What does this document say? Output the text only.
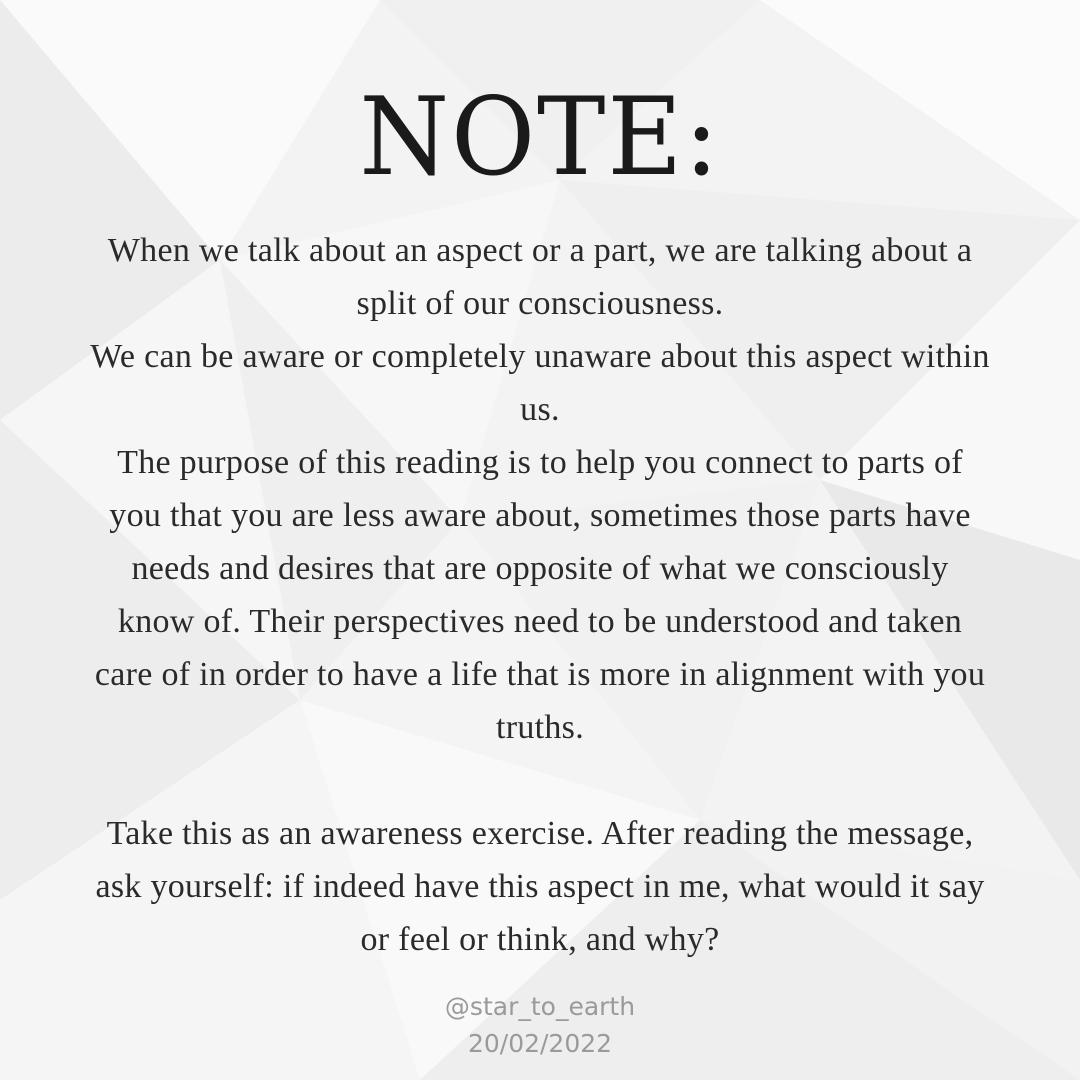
NOTE:

When we talk about an aspect or a part, we are talking about a split of our consciousness.

We can be aware or completely unaware about this aspect within us.

The purpose of this reading is to help you connect to parts of you that you are less aware about, sometimes those parts have needs and desires that are opposite of what we consciously know of. Their perspectives need to be understood and taken care of in order to have a life that is more in alignment with you truths.

Take this as an awareness exercise. After reading the message, ask yourself: if indeed have this aspect in me, what would it say or feel or think, and why?

@star_to_earth
20/02/2022
